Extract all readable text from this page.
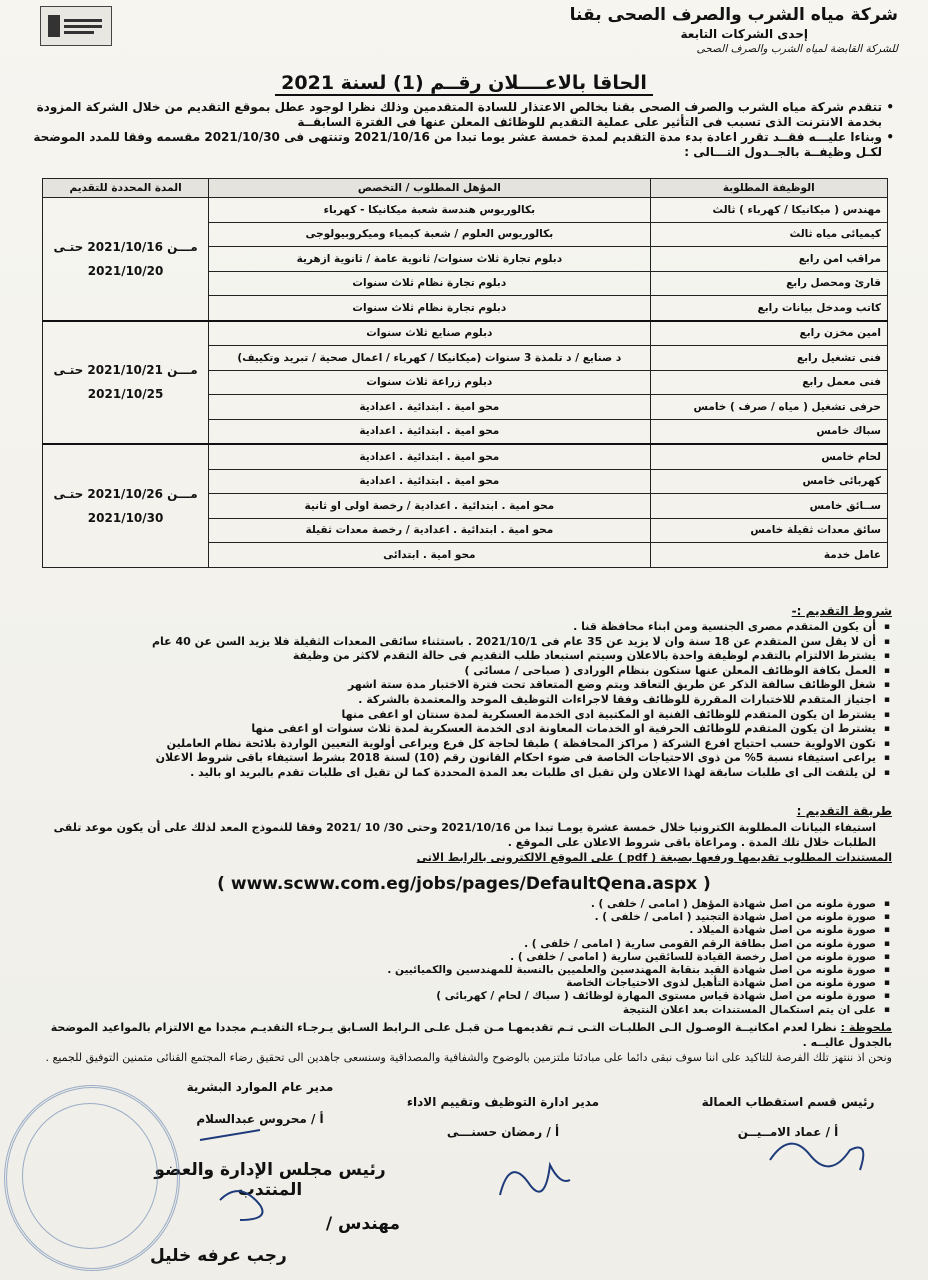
شركة مياه الشرب والصرف الصحى بقنا
إحدى الشركات التابعة
للشركة القابضة لمياه الشرب والصرف الصحى
الحاقا بالاعــــلان رقــم (1) لسنة 2021

• تتقدم شركة مياه الشرب والصرف الصحى بقنا بخالص الاعتذار للسادة المتقدمين وذلك نظرا لوجود عطل بموقع التقديم من خلال الشركة المزودة بخدمة الانترنت الذى تسبب فى التأثير على عملية التقديم للوظائف المعلن عنها فى الفترة السابقــة

• وبناءا عليـــه فقــد تقرر اعادة بدء مدة التقديم لمدة خمسة عشر يوما تبدا من 2021/10/16 وتنتهى فى 2021/10/30 مقسمه وفقا للمدد الموضحة لكـل وظيفــة بالجــدول التـــالى :

الوظيفة المطلوبة	المؤهل المطلوب / التخصص	المدة المحددة للتقديم
مهندس ( ميكانيكا / كهرباء ) ثالث	بكالوريوس هندسة شعبة ميكانيكا - كهرباء	مـــن 2021/10/16 حتـى 2021/10/20
كيميائى مياه ثالث	بكالوريوس العلوم / شعبة كيمياء وميكروبيولوجى	
مراقب امن رابع	دبلوم تجارة ثلاث سنوات/ ثانوية عامة / ثانوية ازهرية	
قارئ ومحصل رابع	دبلوم تجارة نظام ثلاث سنوات	
كاتب ومدخل بيانات رابع	دبلوم تجارة نظام ثلاث سنوات	
امين مخزن رابع	دبلوم صنايع ثلاث سنوات	مـــن 2021/10/21 حتـى 2021/10/25
فنى تشغيل رابع	د صنايع / د تلمذة 3 سنوات (ميكانيكا / كهرباء / اعمال صحية / تبريد وتكييف)	
فنى معمل رابع	دبلوم زراعة ثلاث سنوات	
حرفى تشغيل ( مياه / صرف ) خامس	محو امية . ابتدائية . اعدادية	
سباك خامس	محو امية . ابتدائية . اعدادية	
لحام خامس	محو امية . ابتدائية . اعدادية	مـــن 2021/10/26 حتـى 2021/10/30
كهربائى خامس	محو امية . ابتدائية . اعدادية	
ســائق خامس	محو امية . ابتدائية . اعدادية / رخصة اولى او ثانية	
سائق معدات ثقيلة خامس	محو امية . ابتدائية . اعدادية / رخصة معدات ثقيلة	
عامل خدمة	محو امية . ابتدائى	
شروط التقديم :-
▪ أن يكون المتقدم مصرى الجنسية ومن ابناء محافظة قنا .
▪ أن لا يقل سن المتقدم عن 18 سنة وان لا يزيد عن 35 عام فى 2021/10/1 . باستثناء سائقى المعدات الثقيلة فلا يزيد السن عن 40 عام
▪ يشترط الالتزام بالتقدم لوظيفة واحدة بالاعلان وسيتم استبعاد طلب التقديم فى حالة التقدم لاكثر من وظيفة
▪ العمل بكافة الوظائف المعلن عنها ستكون بنظام الورادى ( صباحى / مسائى )
▪ شغل الوظائف سالفة الذكر عن طريق التعاقد ويتم وضع المتعاقد تحت فترة الاختبار مدة ستة اشهر
▪ اجتياز المتقدم للاختبارات المقررة للوظائف وفقا لاجراءات التوظيف الموحد والمعتمدة بالشركة .
▪ يشترط ان يكون المتقدم للوظائف الفنية او المكتبية ادى الخدمة العسكرية لمدة سنتان او اعفى منها
▪ يشترط ان يكون المتقدم للوظائف الحرفية او الخدمات المعاونة ادى الخدمة العسكرية لمدة ثلاث سنوات او اعفى منها
▪ تكون الاولوية حسب احتياج افرع الشركة ( مراكز المحافظة ) طبقا لحاجة كل فرع ويراعى أولوية التعيين الواردة بلائحة نظام العاملين
▪ يراعى استيفاء نسبة 5% من ذوى الاحتياجات الخاصة فى ضوء احكام القانون رقم (10) لسنة 2018 بشرط استيفاء باقى شروط الاعلان
▪ لن يلتفت الى اى طلبات سابقة لهذا الاعلان ولن تقبل اى طلبات بعد المدة المحددة كما لن تقبل اى طلبات تقدم بالبريد او باليد .
طريقة التقديم :
استيفاء البيانات المطلوبة الكترونيا خلال خمسة عشرة يومـا تبدا من 2021/10/16 وحتى 30/ 10 /2021 وفقا للنموذج المعد لذلك على أن يكون موعد تلقى الطلبات خلال تلك المدة . ومراعاة باقى شروط الاعلان على الموقع .
المستندات المطلوب تقديمها ورفعها بصيغة ( pdf ) على الموقع الالكترونى بالرابط الاتى
( www.scww.com.eg/jobs/pages/DefaultQena.aspx )
▪ صورة ملونه من اصل شهادة المؤهل ( امامى / خلفى ) .
▪ صورة ملونه من اصل شهادة التجنيد ( امامى / خلفى ) .
▪ صورة ملونه من اصل شهادة الميلاد .
▪ صورة ملونه من اصل بطاقة الرقم القومى سارية ( امامى / خلفى ) .
▪ صورة ملونه من اصل رخصة القيادة للسائقين سارية ( امامى / خلفى ) .
▪ صورة ملونه من اصل شهادة القيد بنقابة المهندسين والعلميين بالنسبة للمهندسين والكميائيين .
▪ صورة ملونه من اصل شهادة التأهيل لذوى الاحتياجات الخاصة
▪ صورة ملونه من اصل شهادة قياس مستوى المهارة لوظائف ( سباك / لحام / كهربائى )
▪ على ان يتم استكمال المستندات بعد اعلان النتيجة
ملحوظة : نظرا لعدم امكانيــة الوصـول الـى الطلبـات التـى تـم تقديمهـا مـن قبـل علـى الـرابط السـابق يـرجـاء التقديـم مجددا مع الالتزام بالمواعيد الموضحة بالجدول عاليــه .
ونحن اذ ننتهز تلك الفرصة للتاكيد على اننا سوف نبقى دائما على مبادئنا ملتزمين بالوضوح والشفافية والمصداقية وسنسعى جاهدين الى تحقيق رضاء المجتمع القنائى متمنين التوفيق للجميع .
رئيس قسم استقطاب العمالة
أ / عماد الامــيــن
مدير ادارة التوظيف وتقييم الاداء
أ / رمضان حسنـــى
مدير عام الموارد البشرية
أ / محروس عبدالسلام
رئيس مجلس الإدارة والعضو المنتدب
مهندس /
رجب عرفه خليل
